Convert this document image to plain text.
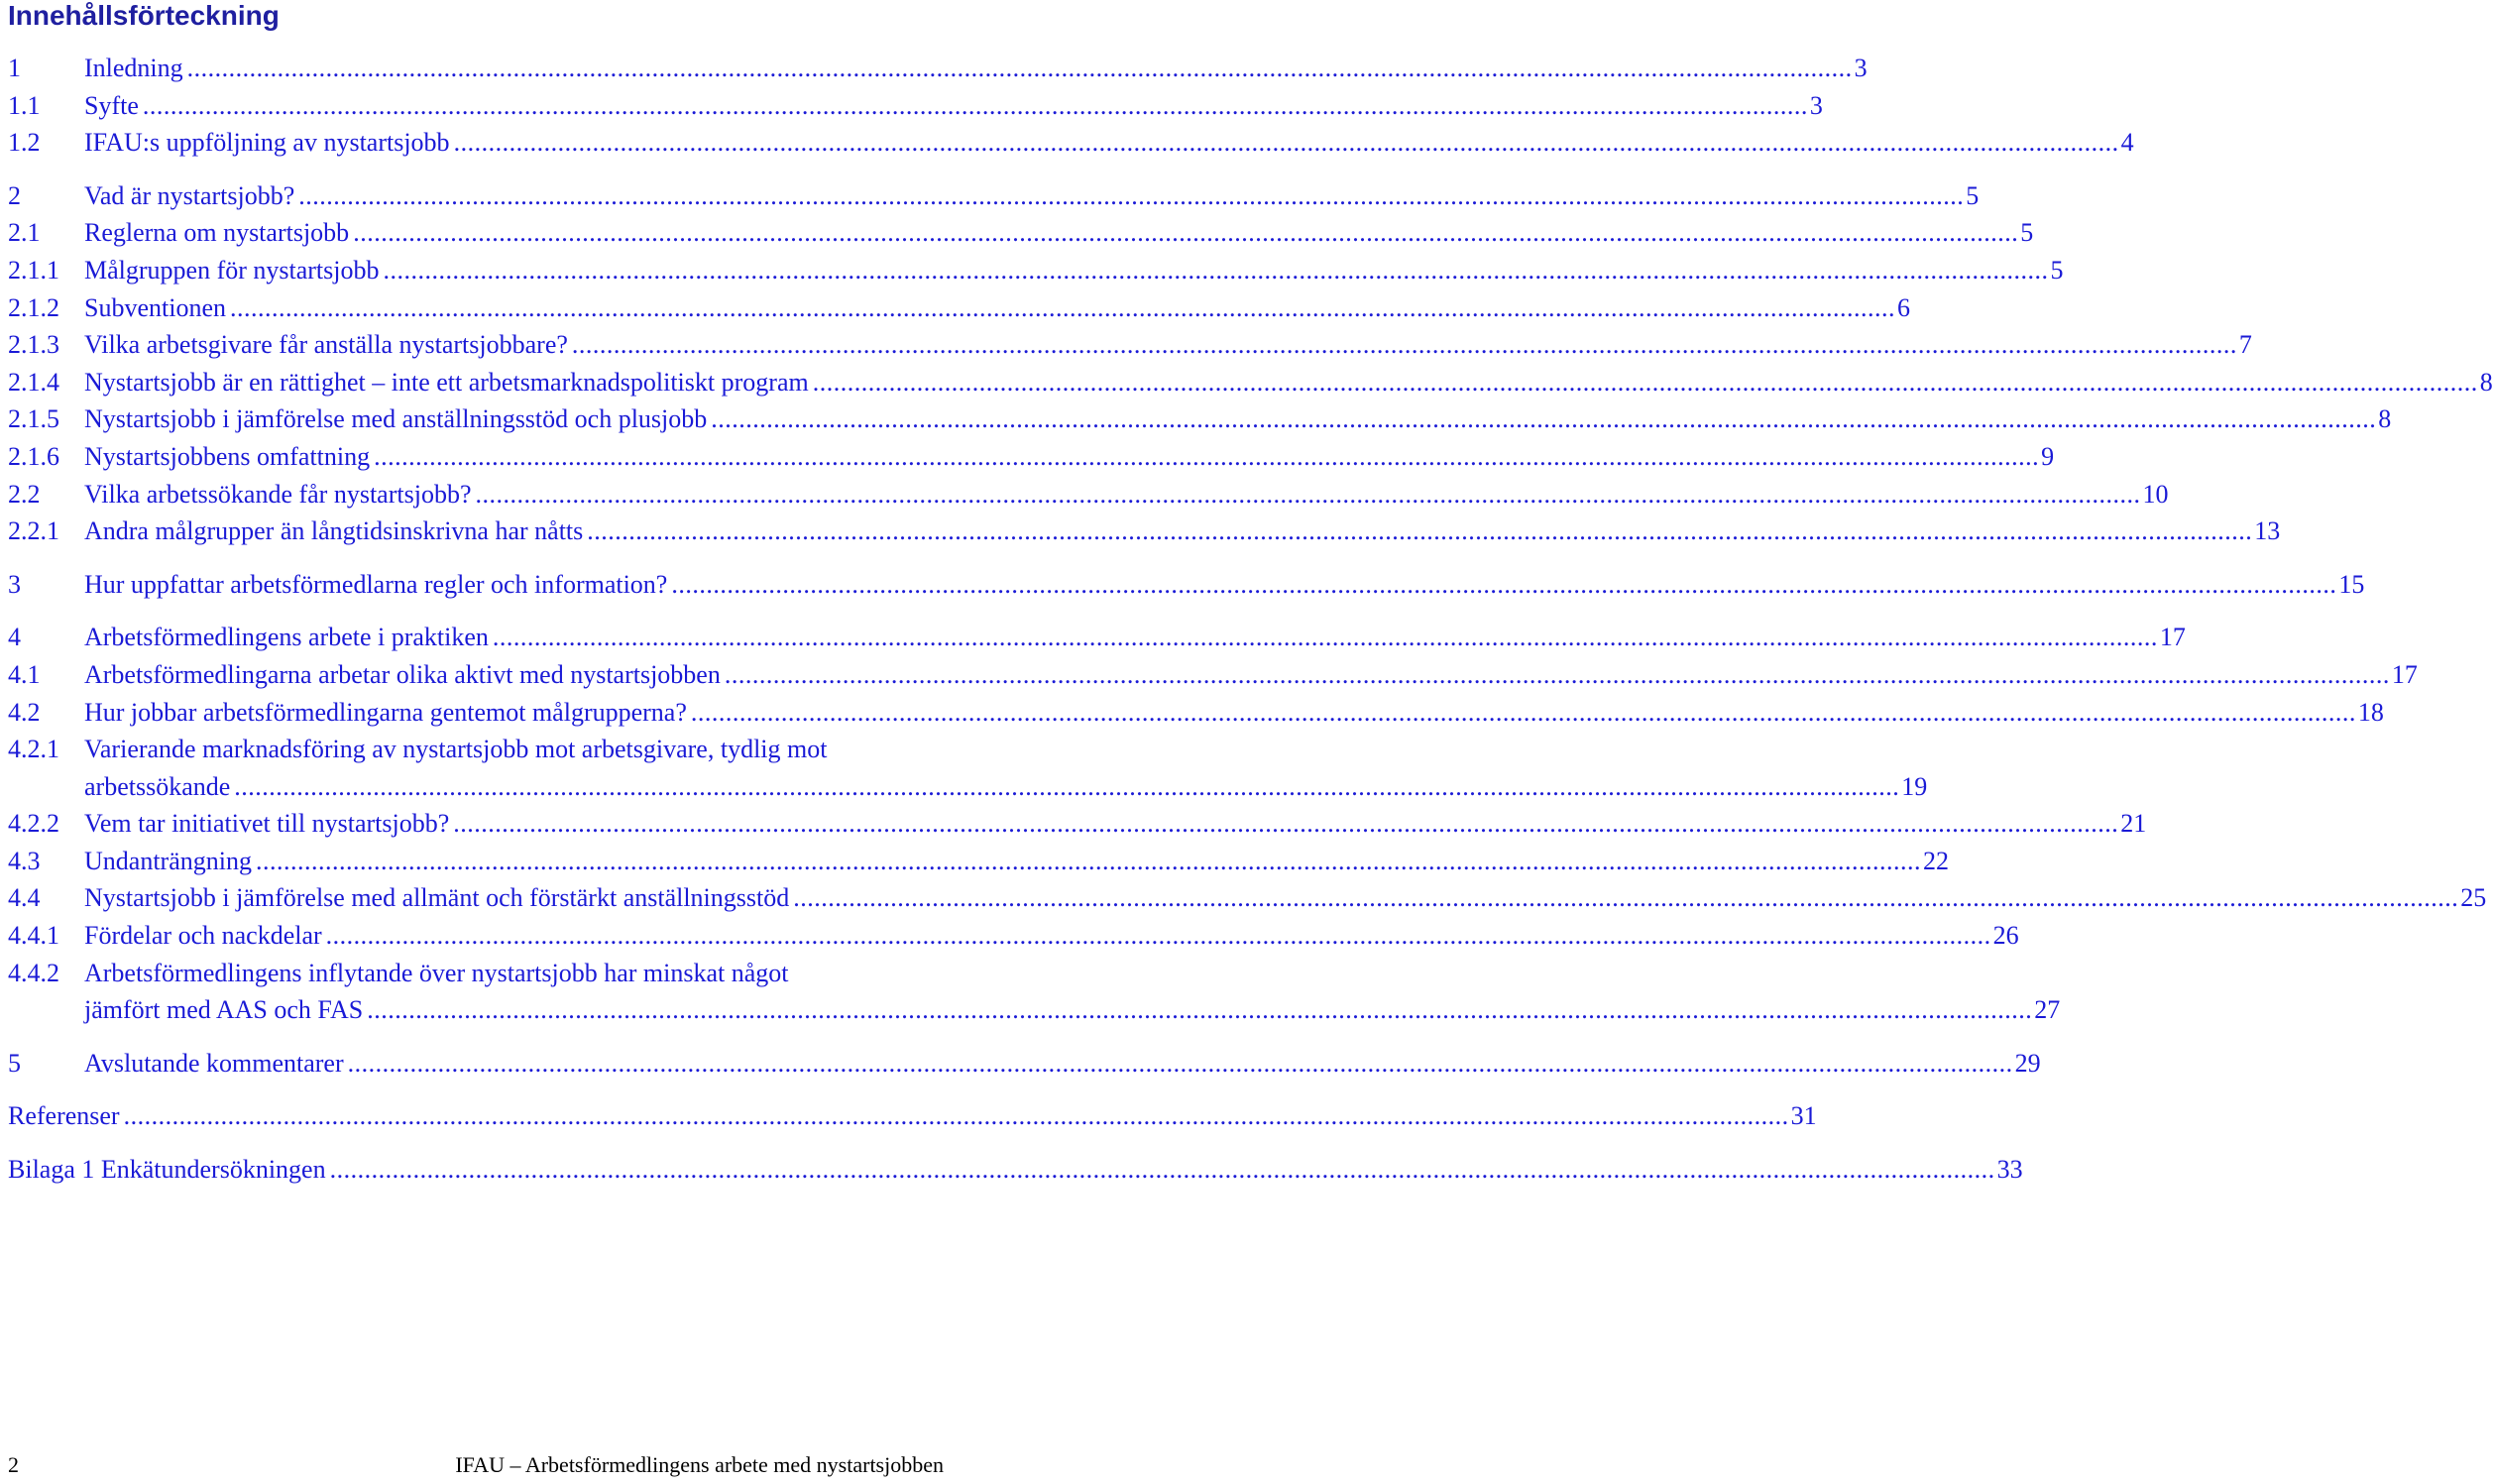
Innehållsförteckning
1 Inledning ................................................................................................................................................................................................................................................ 3
1.1 Syfte ................................................................................................................................................................................................................................................ 3
1.2 IFAU:s uppföljning av nystartsjobb ................................................................................................................................................................................................................................................ 4
2 Vad är nystartsjobb? ................................................................................................................................................................................................................................................ 5
2.1 Reglerna om nystartsjobb ................................................................................................................................................................................................................................................ 5
2.1.1 Målgruppen för nystartsjobb ................................................................................................................................................................................................................................................ 5
2.1.2 Subventionen ................................................................................................................................................................................................................................................ 6
2.1.3 Vilka arbetsgivare får anställa nystartsjobbare? ................................................................................................................................................................................................................................................ 7
2.1.4 Nystartsjobb är en rättighet – inte ett arbetsmarknadspolitiskt program ................................................................................................................................................................................................................................................ 8
2.1.5 Nystartsjobb i jämförelse med anställningsstöd och plusjobb ................................................................................................................................................................................................................................................ 8
2.1.6 Nystartsjobbens omfattning ................................................................................................................................................................................................................................................ 9
2.2 Vilka arbetssökande får nystartsjobb? ................................................................................................................................................................................................................................................ 10
2.2.1 Andra målgrupper än långtidsinskrivna har nåtts ................................................................................................................................................................................................................................................ 13
3 Hur uppfattar arbetsförmedlarna regler och information? ................................................................................................................................................................................................................................................ 15
4 Arbetsförmedlingens arbete i praktiken ................................................................................................................................................................................................................................................ 17
4.1 Arbetsförmedlingarna arbetar olika aktivt med nystartsjobben ................................................................................................................................................................................................................................................ 17
4.2 Hur jobbar arbetsförmedlingarna gentemot målgrupperna? ................................................................................................................................................................................................................................................ 18
4.2.1 Varierande marknadsföring av nystartsjobb mot arbetsgivare, tydlig mot
arbetssökande ................................................................................................................................................................................................................................................ 19
4.2.2 Vem tar initiativet till nystartsjobb? ................................................................................................................................................................................................................................................ 21
4.3 Undanträngning ................................................................................................................................................................................................................................................ 22
4.4 Nystartsjobb i jämförelse med allmänt och förstärkt anställningsstöd ................................................................................................................................................................................................................................................ 25
4.4.1 Fördelar och nackdelar ................................................................................................................................................................................................................................................ 26
4.4.2 Arbetsförmedlingens inflytande över nystartsjobb har minskat något
jämfört med AAS och FAS ................................................................................................................................................................................................................................................ 27
5 Avslutande kommentarer ................................................................................................................................................................................................................................................ 29
Referenser ................................................................................................................................................................................................................................................ 31
Bilaga 1 Enkätundersökningen ................................................................................................................................................................................................................................................ 33
2	IFAU – Arbetsförmedlingens arbete med nystartsjobben
